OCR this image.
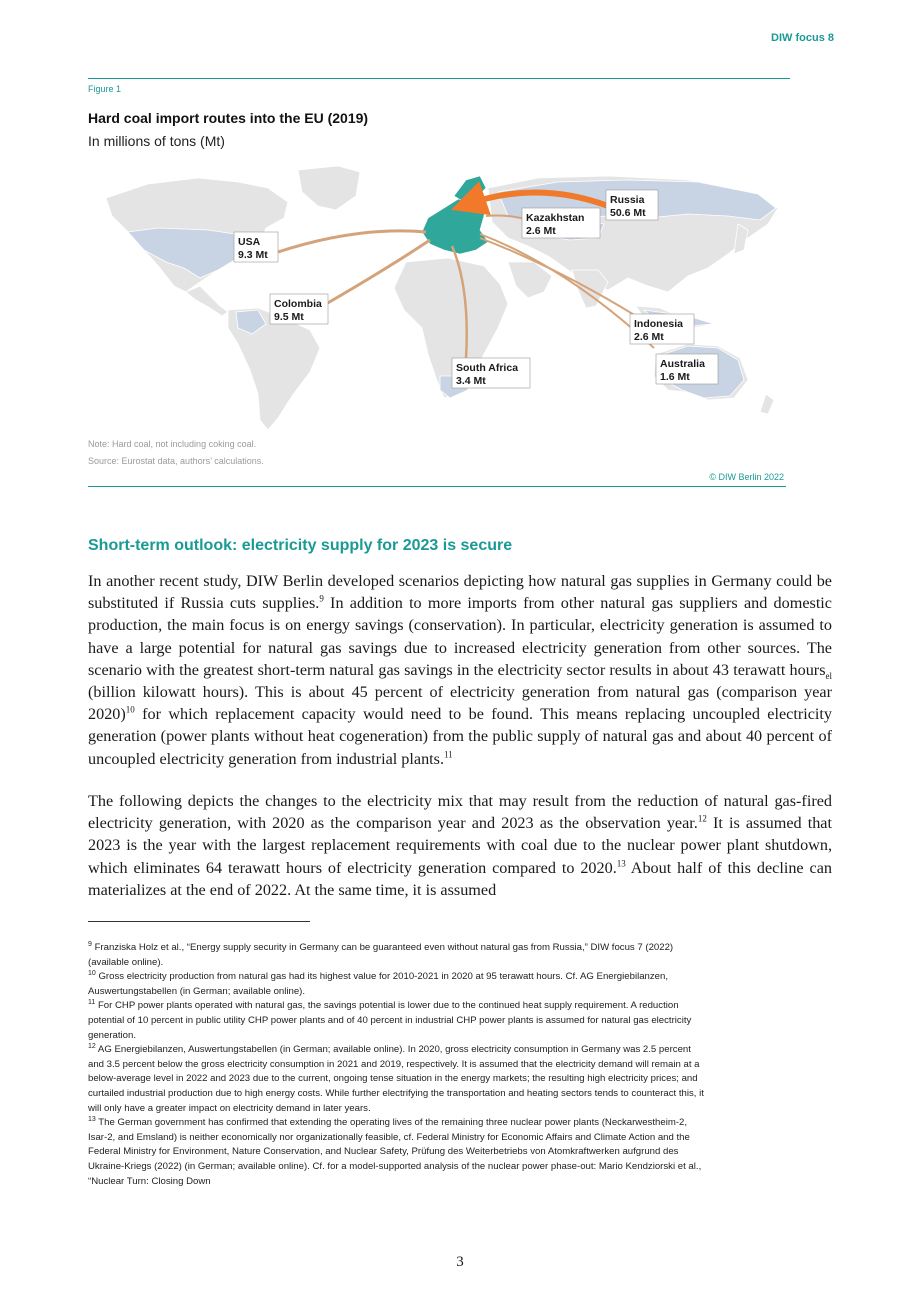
DIW focus 8
Figure 1
Hard coal import routes into the EU (2019)
In millions of tons (Mt)
Russia
50.6 Mt
Kazakhstan
2.6 Mt
USA
9.3 Mt
Colombia
9.5 Mt
Indonesia
2.6 Mt
South Africa
3.4 Mt
Australia
1.6 Mt
Note: Hard coal, not including coking coal.
Source: Eurostat data, authors’ calculations.
© DIW Berlin 2022
Short-term outlook: electricity supply for 2023 is secure

In another recent study, DIW Berlin developed scenarios depicting how natural gas supplies in Germany could be substituted if Russia cuts supplies.$^9$ In addition to more imports from other natural gas suppliers and domestic production, the main focus is on energy savings (conservation). In particular, electricity generation is assumed to have a large potential for natural gas savings due to increased electricity generation from other sources. The scenario with the greatest short-term natural gas savings in the electricity sector results in about 43 terawatt hours$_{el}$ (billion kilowatt hours). This is about 45 percent of electricity generation from natural gas (comparison year 2020)$^{10}$ for which replacement capacity would need to be found. This means replacing uncoupled electricity generation (power plants without heat cogeneration) from the public supply of natural gas and about 40 percent of uncoupled electricity generation from industrial plants.$^{11}$

The following depicts the changes to the electricity mix that may result from the reduction of natural gas-fired electricity generation, with 2020 as the comparison year and 2023 as the observation year.$^{12}$ It is assumed that 2023 is the year with the largest replacement requirements with coal due to the nuclear power plant shutdown, which eliminates 64 terawatt hours of electricity generation compared to 2020.13 About half of this decline can materializes at the end of 2022. At the same time, it is assumed

$^9$ Franziska Holz et al., “Energy supply security in Germany can be guaranteed even without natural gas from Russia,” DIW focus 7 (2022) (available online).

$^{10}$ Gross electricity production from natural gas had its highest value for 2010-2021 in 2020 at 95 terawatt hours. Cf. AG Energiebilanzen, Auswertungstabellen (in German; available online).

$^{11}$ For CHP power plants operated with natural gas, the savings potential is lower due to the continued heat supply requirement. A reduction potential of 10 percent in public utility CHP power plants and of 40 percent in industrial CHP power plants is assumed for natural gas electricity generation.

$^{12}$ AG Energiebilanzen, Auswertungstabellen (in German; available online). In 2020, gross electricity consumption in Germany was 2.5 percent and 3.5 percent below the gross electricity consumption in 2021 and 2019, respectively. It is assumed that the electricity demand will remain at a below-average level in 2022 and 2023 due to the current, ongoing tense situation in the energy markets; the resulting high electricity prices; and curtailed industrial production due to high energy costs. While further electrifying the transportation and heating sectors tends to counteract this, it will only have a greater impact on electricity demand in later years.

$^{13}$ The German government has confirmed that extending the operating lives of the remaining three nuclear power plants (Neckarwestheim-2, Isar-2, and Emsland) is neither economically nor organizationally feasible, cf. Federal Ministry for Economic Affairs and Climate Action and the Federal Ministry for Environment, Nature Conservation, and Nuclear Safety, Prüfung des Weiterbetriebs von Atomkraftwerken aufgrund des Ukraine-Kriegs (2022) (in German; available online). Cf. for a model-supported analysis of the nuclear power phase-out: Mario Kendziorski et al., “Nuclear Turn: Closing Down

3
